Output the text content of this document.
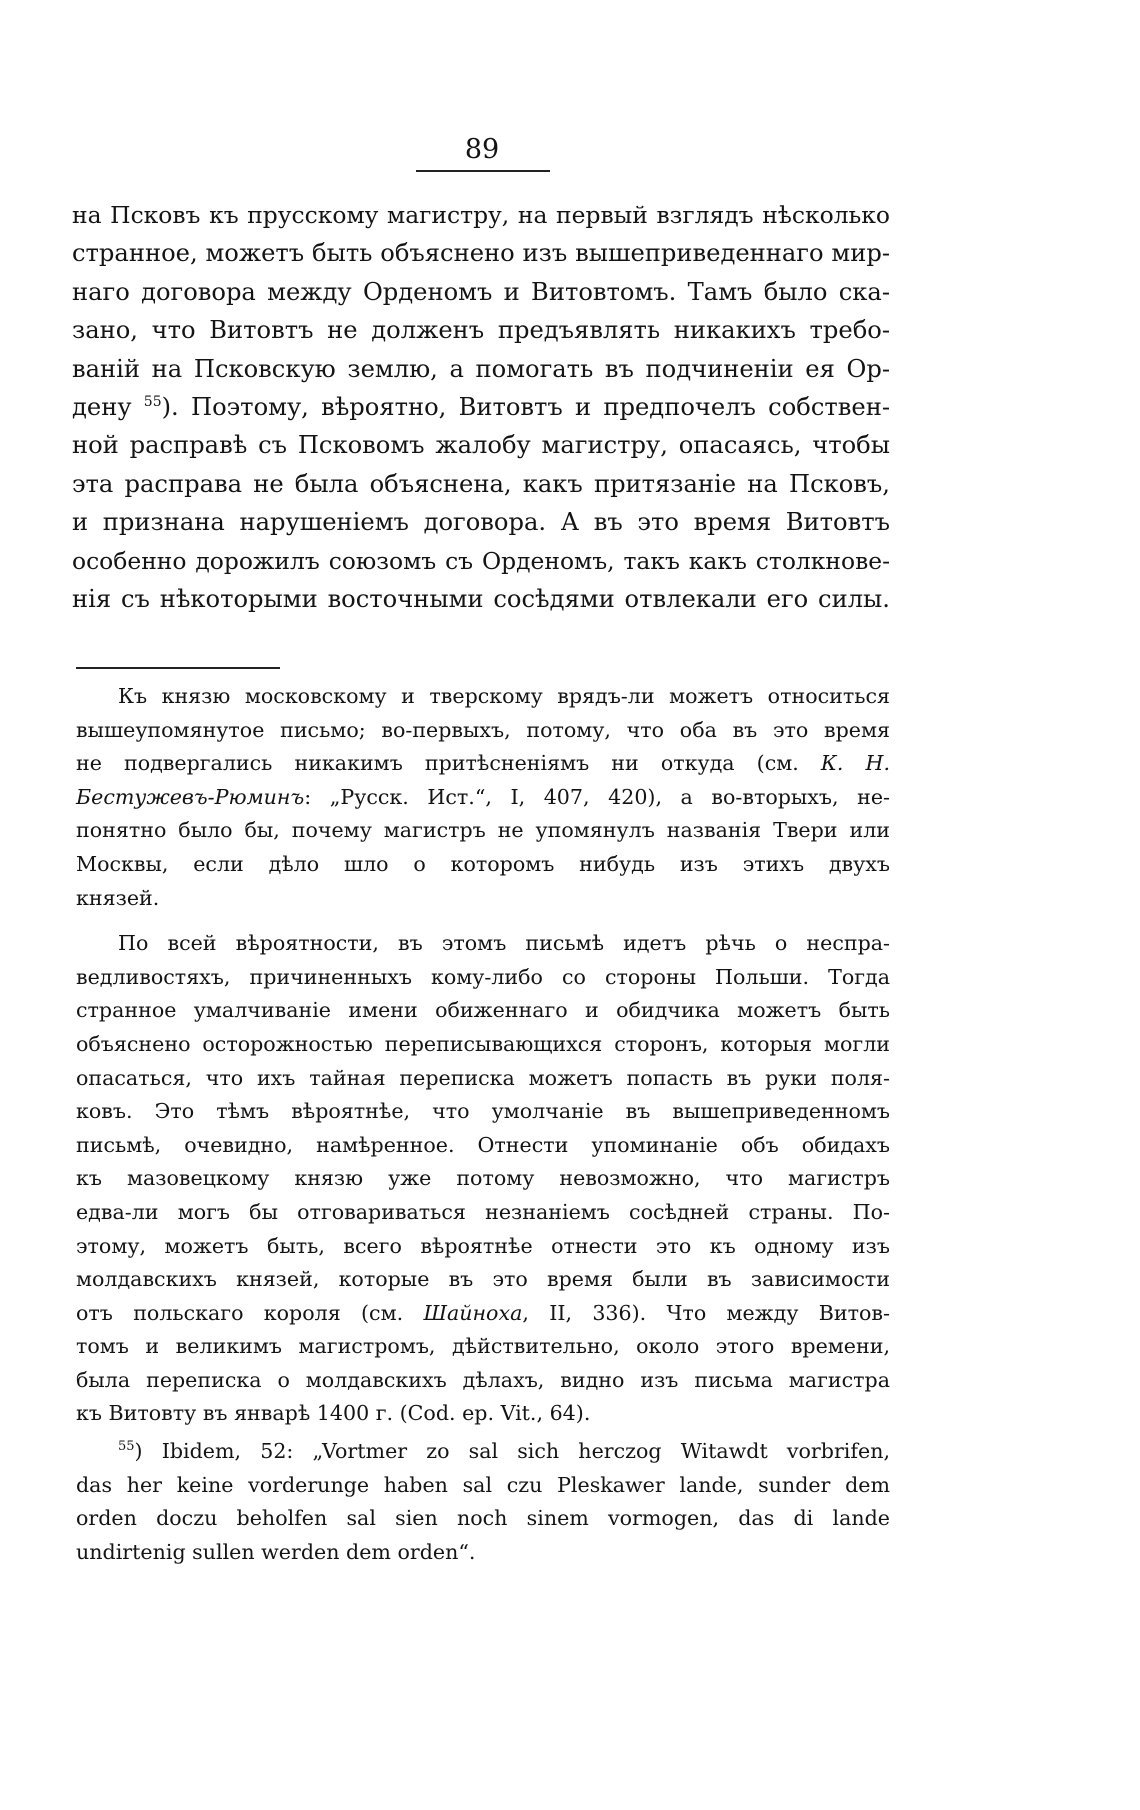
89
на Псковъ къ прусскому магистру, на первый взглядъ нѣсколько
странное, можетъ быть объяснено изъ вышеприведеннаго мир-
наго договора между Орденомъ и Витовтомъ. Тамъ было ска-
зано, что Витовтъ не долженъ предъявлять никакихъ требо-
ваній на Псковскую землю, а помогать въ подчиненіи ея Ор-
дену $^{55}$). Поэтому, вѣроятно, Витовтъ и предпочелъ собствен-
ной расправѣ съ Псковомъ жалобу магистру, опасаясь, чтобы
эта расправа не была объяснена, какъ притязаніе на Псковъ,
и признана нарушеніемъ договора. А въ это время Витовтъ
особенно дорожилъ союзомъ съ Орденомъ, такъ какъ столкнове-
нія съ нѣкоторыми восточными сосѣдями отвлекали его силы.
Къ князю московскому и тверскому врядъ-ли можетъ относиться
вышеупомянутое письмо; во-первыхъ, потому, что оба въ это время
не подвергались никакимъ притѣсненіямъ ни откуда (см. К. Н.
Бестужевъ-Рюминъ: „Русск. Ист.“, I, 407, 420), а во-вторыхъ, не-
понятно было бы, почему магистръ не упомянулъ названія Твери или
Москвы, если дѣло шло о которомъ нибудь изъ этихъ двухъ
князей.
По всей вѣроятности, въ этомъ письмѣ идетъ рѣчь о неспра-
ведливостяхъ, причиненныхъ кому-либо со стороны Польши. Тогда
странное умалчиваніе имени обиженнаго и обидчика можетъ быть
объяснено осторожностью переписывающихся сторонъ, которыя могли
опасаться, что ихъ тайная переписка можетъ попасть въ руки поля-
ковъ. Это тѣмъ вѣроятнѣе, что умолчаніе въ вышеприведенномъ
письмѣ, очевидно, намѣренное. Отнести упоминаніе объ обидахъ
къ мазовецкому князю уже потому невозможно, что магистръ
едва-ли могъ бы отговариваться незнаніемъ сосѣдней страны. По-
этому, можетъ быть, всего вѣроятнѣе отнести это къ одному изъ
молдавскихъ князей, которые въ это время были въ зависимости
отъ польскаго короля (см. Шайноха, II, 336). Что между Витов-
томъ и великимъ магистромъ, дѣйствительно, около этого времени,
была переписка о молдавскихъ дѣлахъ, видно изъ письма магистра
къ Витовту въ январѣ 1400 г. (Cod. ep. Vit., 64).
$^{55}$) Ibidem, 52: „Vortmer zo sal sich herczog Witawdt vorbrifen,
das her keine vorderunge haben sal czu Pleskawer lande, sunder dem
orden doczu beholfen sal sien noch sinem vormogen, das di lande
undirtenig sullen werden dem orden“.
